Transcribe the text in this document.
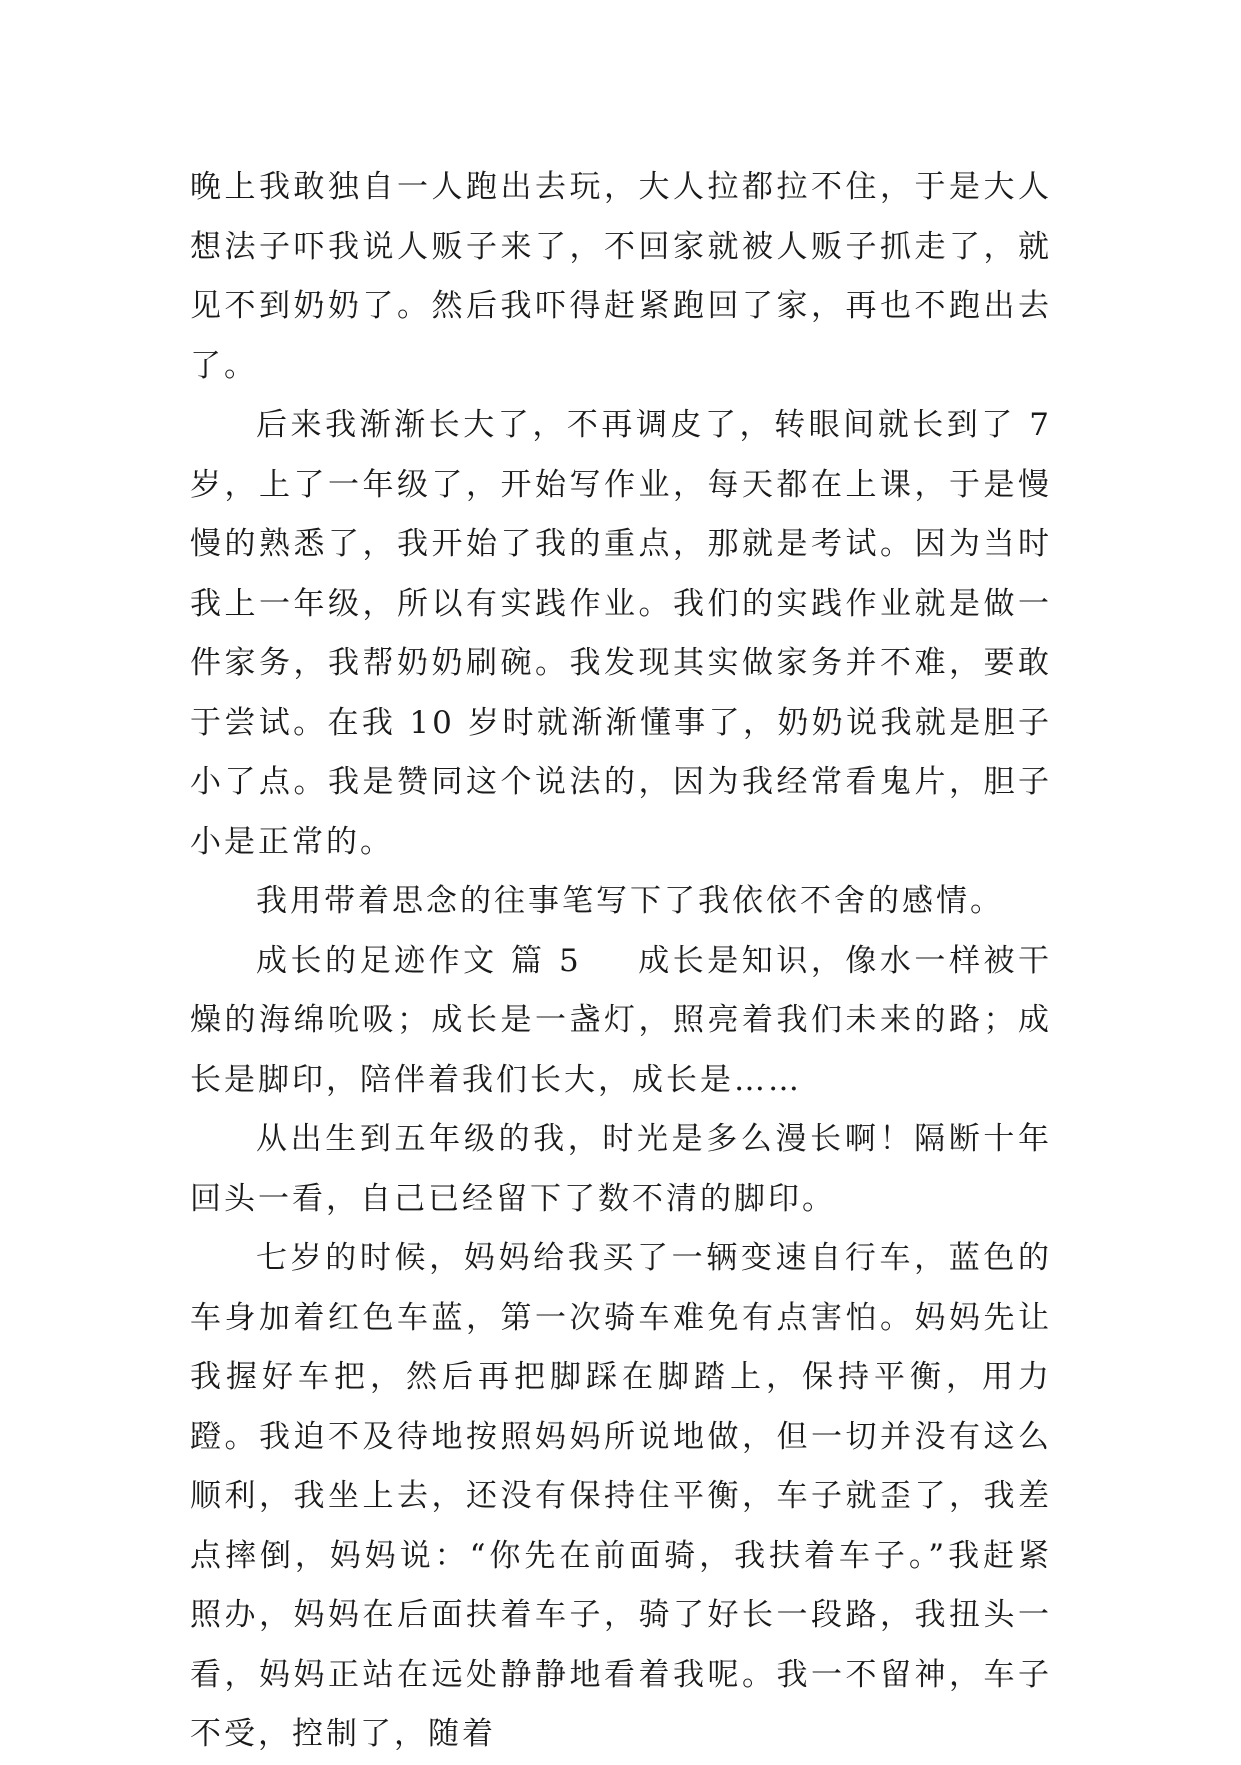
晚上我敢独自一人跑出去玩，大人拉都拉不住，于是大人想法子吓我说人贩子来了，不回家就被人贩子抓走了，就见不到奶奶了。然后我吓得赶紧跑回了家，再也不跑出去了。

后来我渐渐长大了，不再调皮了，转眼间就长到了 7 岁，上了一年级了，开始写作业，每天都在上课，于是慢慢的熟悉了，我开始了我的重点，那就是考试。因为当时我上一年级，所以有实践作业。我们的实践作业就是做一件家务，我帮奶奶刷碗。我发现其实做家务并不难，要敢于尝试。在我 10 岁时就渐渐懂事了，奶奶说我就是胆子小了点。我是赞同这个说法的，因为我经常看鬼片，胆子小是正常的。

我用带着思念的往事笔写下了我依依不舍的感情。

成长的足迹作文 篇 5 成长是知识，像水一样被干燥的海绵吮吸；成长是一盏灯，照亮着我们未来的路；成长是脚印，陪伴着我们长大，成长是……

从出生到五年级的我，时光是多么漫长啊！隔断十年回头一看，自己已经留下了数不清的脚印。

七岁的时候，妈妈给我买了一辆变速自行车，蓝色的车身加着红色车蓝，第一次骑车难免有点害怕。妈妈先让我握好车把，然后再把脚踩在脚踏上，保持平衡，用力蹬。我迫不及待地按照妈妈所说地做，但一切并没有这么顺利，我坐上去，还没有保持住平衡，车子就歪了，我差点摔倒，妈妈说：“你先在前面骑，我扶着车子。”我赶紧照办，妈妈在后面扶着车子，骑了好长一段路，我扭头一看，妈妈正站在远处静静地看着我呢。我一不留神，车子不受，控制了，随着
